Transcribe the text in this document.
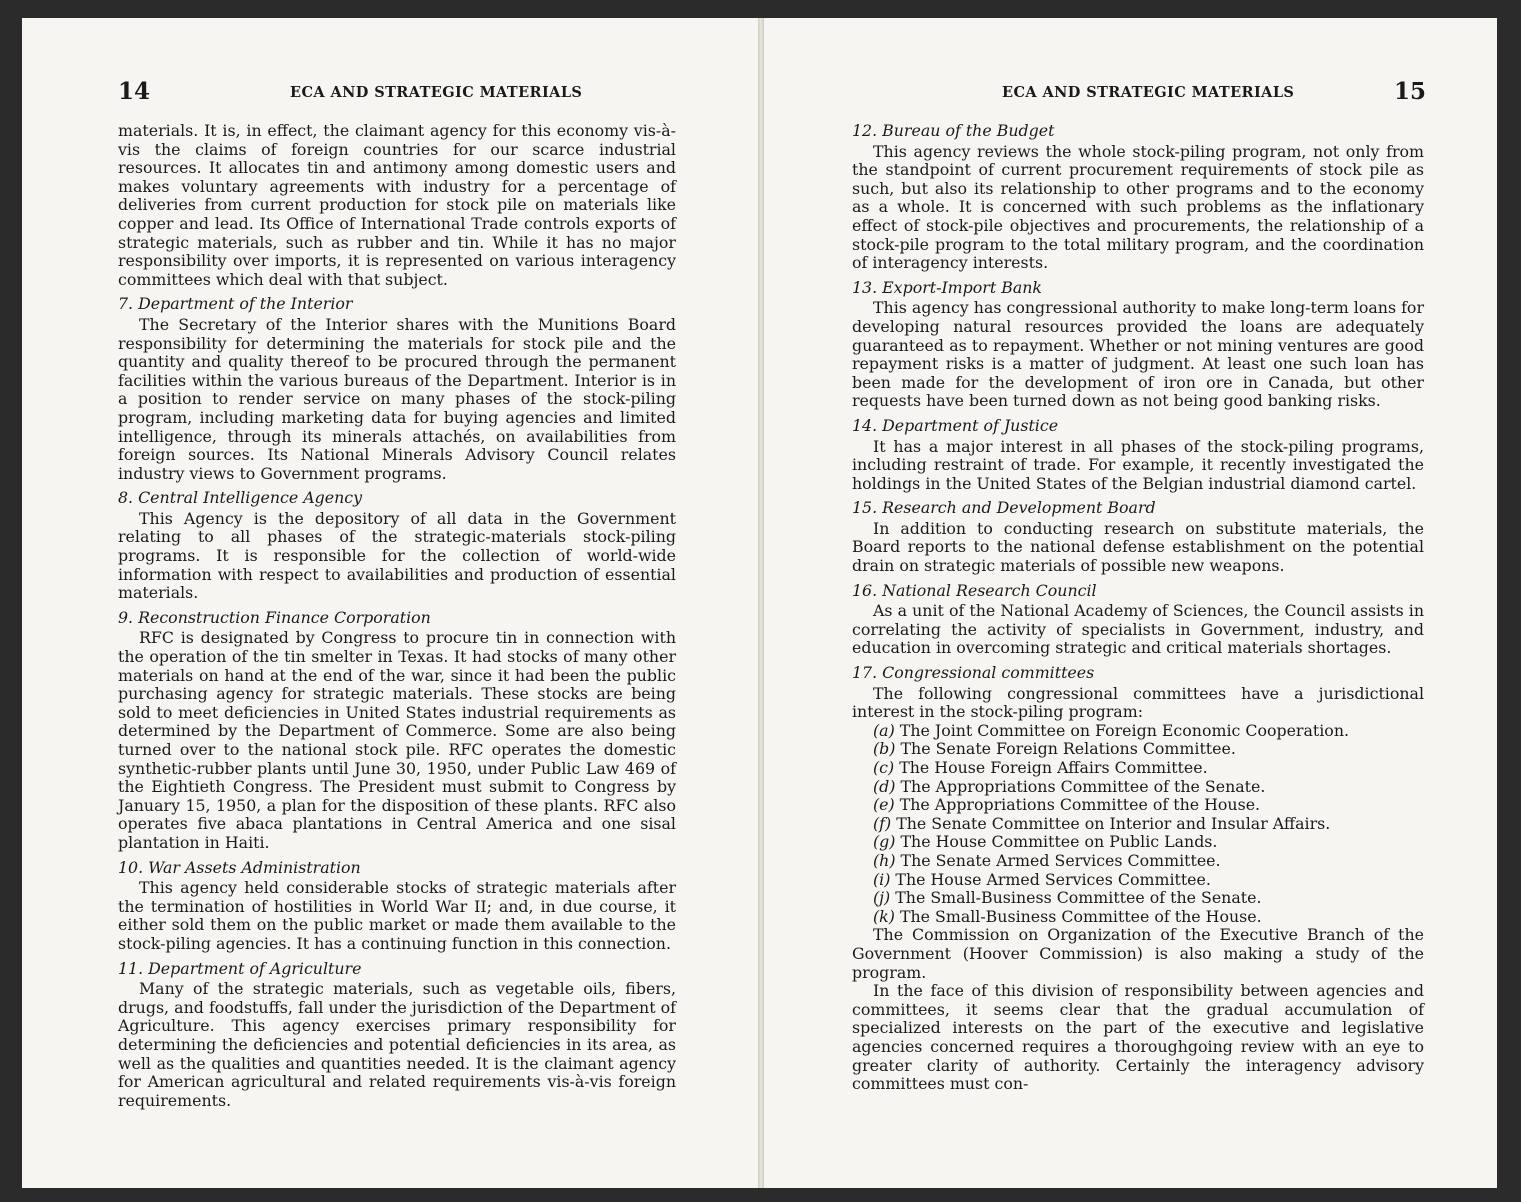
14	ECA AND STRATEGIC MATERIALS

materials. It is, in effect, the claimant agency for this economy vis-à-vis the claims of foreign countries for our scarce industrial resources. It allocates tin and antimony among domestic users and makes voluntary agreements with industry for a percentage of deliveries from current production for stock pile on materials like copper and lead. Its Office of International Trade controls exports of strategic materials, such as rubber and tin. While it has no major responsibility over imports, it is represented on various interagency committees which deal with that subject.

7. Department of the Interior

The Secretary of the Interior shares with the Munitions Board responsibility for determining the materials for stock pile and the quantity and quality thereof to be procured through the permanent facilities within the various bureaus of the Department. Interior is in a position to render service on many phases of the stock-piling program, including marketing data for buying agencies and limited intelligence, through its minerals attachés, on availabilities from foreign sources. Its National Minerals Advisory Council relates industry views to Government programs.

8. Central Intelligence Agency

This Agency is the depository of all data in the Government relating to all phases of the strategic-materials stock-piling programs. It is responsible for the collection of world-wide information with respect to availabilities and production of essential materials.

9. Reconstruction Finance Corporation

RFC is designated by Congress to procure tin in connection with the operation of the tin smelter in Texas. It had stocks of many other materials on hand at the end of the war, since it had been the public purchasing agency for strategic materials. These stocks are being sold to meet deficiencies in United States industrial requirements as determined by the Department of Commerce. Some are also being turned over to the national stock pile. RFC operates the domestic synthetic-rubber plants until June 30, 1950, under Public Law 469 of the Eightieth Congress. The President must submit to Congress by January 15, 1950, a plan for the disposition of these plants. RFC also operates five abaca plantations in Central America and one sisal plantation in Haiti.

10. War Assets Administration

This agency held considerable stocks of strategic materials after the termination of hostilities in World War II; and, in due course, it either sold them on the public market or made them available to the stock-piling agencies. It has a continuing function in this connection.

11. Department of Agriculture

Many of the strategic materials, such as vegetable oils, fibers, drugs, and foodstuffs, fall under the jurisdiction of the Department of Agriculture. This agency exercises primary responsibility for determining the deficiencies and potential deficiencies in its area, as well as the qualities and quantities needed. It is the claimant agency for American agricultural and related requirements vis-à-vis foreign requirements.

ECA AND STRATEGIC MATERIALS	15
12. Bureau of the Budget

This agency reviews the whole stock-piling program, not only from the standpoint of current procurement requirements of stock pile as such, but also its relationship to other programs and to the economy as a whole. It is concerned with such problems as the inflationary effect of stock-pile objectives and procurements, the relationship of a stock-pile program to the total military program, and the coordination of interagency interests.

13. Export-Import Bank

This agency has congressional authority to make long-term loans for developing natural resources provided the loans are adequately guaranteed as to repayment. Whether or not mining ventures are good repayment risks is a matter of judgment. At least one such loan has been made for the development of iron ore in Canada, but other requests have been turned down as not being good banking risks.

14. Department of Justice

It has a major interest in all phases of the stock-piling programs, including restraint of trade. For example, it recently investigated the holdings in the United States of the Belgian industrial diamond cartel.

15. Research and Development Board

In addition to conducting research on substitute materials, the Board reports to the national defense establishment on the potential drain on strategic materials of possible new weapons.

16. National Research Council

As a unit of the National Academy of Sciences, the Council assists in correlating the activity of specialists in Government, industry, and education in overcoming strategic and critical materials shortages.

17. Congressional committees

The following congressional committees have a jurisdictional interest in the stock-piling program:

(a) The Joint Committee on Foreign Economic Cooperation.
(b) The Senate Foreign Relations Committee.
(c) The House Foreign Affairs Committee.
(d) The Appropriations Committee of the Senate.
(e) The Appropriations Committee of the House.
(f) The Senate Committee on Interior and Insular Affairs.
(g) The House Committee on Public Lands.
(h) The Senate Armed Services Committee.
(i) The House Armed Services Committee.
(j) The Small-Business Committee of the Senate.
(k) The Small-Business Committee of the House.

The Commission on Organization of the Executive Branch of the Government (Hoover Commission) is also making a study of the program.

In the face of this division of responsibility between agencies and committees, it seems clear that the gradual accumulation of specialized interests on the part of the executive and legislative agencies concerned requires a thoroughgoing review with an eye to greater clarity of authority. Certainly the interagency advisory committees must con-
